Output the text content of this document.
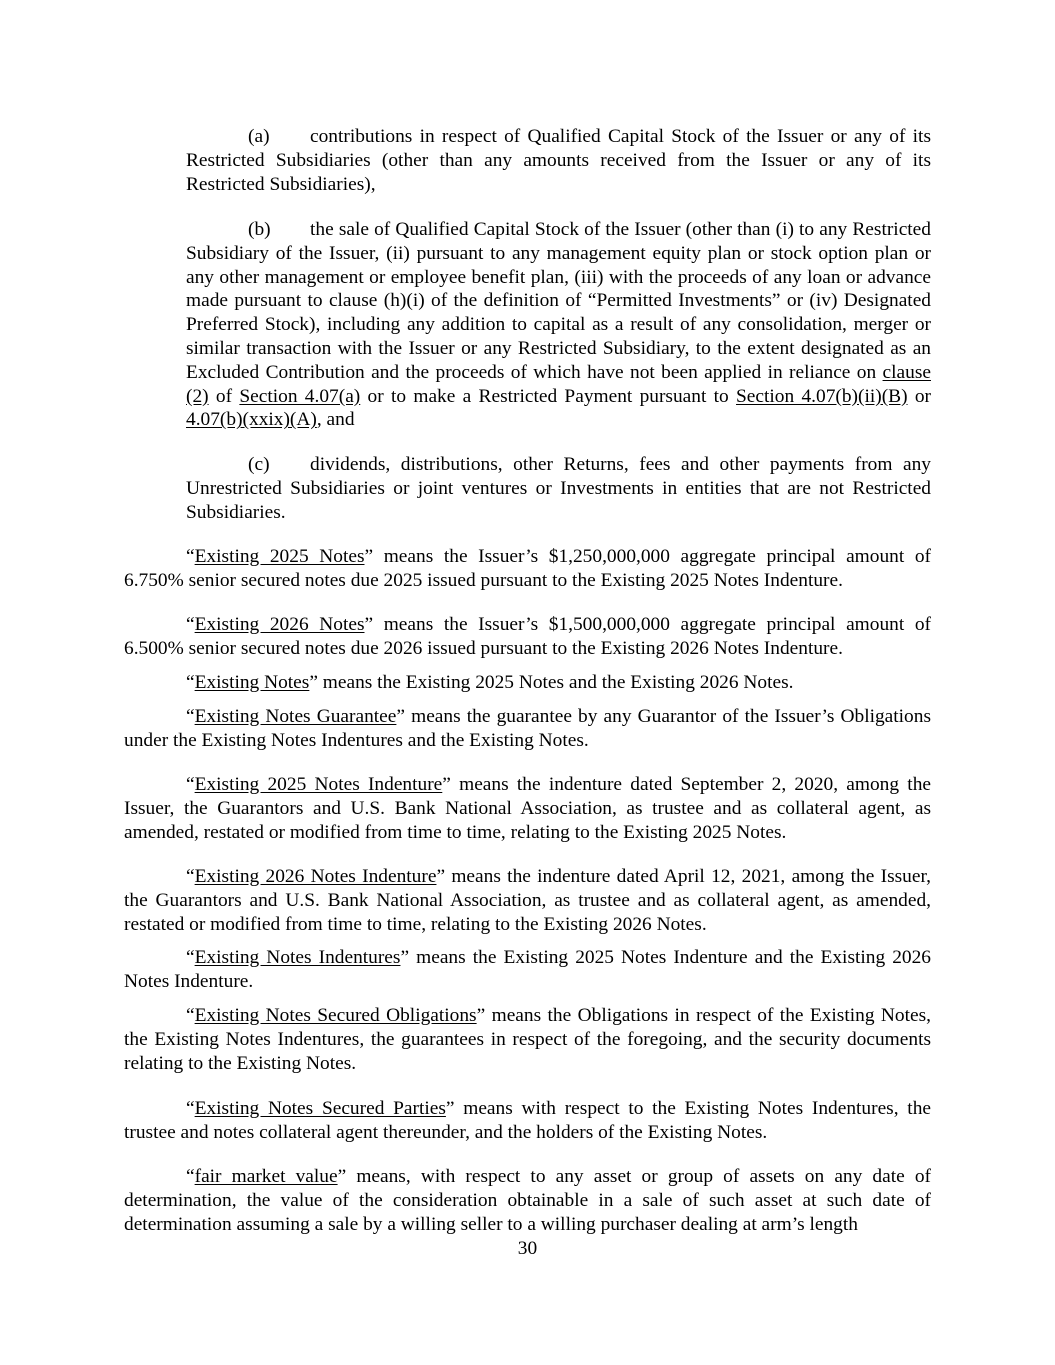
(a) contributions in respect of Qualified Capital Stock of the Issuer or any of its Restricted Subsidiaries (other than any amounts received from the Issuer or any of its Restricted Subsidiaries),

(b) the sale of Qualified Capital Stock of the Issuer (other than (i) to any Restricted Subsidiary of the Issuer, (ii) pursuant to any management equity plan or stock option plan or any other management or employee benefit plan, (iii) with the proceeds of any loan or advance made pursuant to clause (h)(i) of the definition of “Permitted Investments” or (iv) Designated Preferred Stock), including any addition to capital as a result of any consolidation, merger or similar transaction with the Issuer or any Restricted Subsidiary, to the extent designated as an Excluded Contribution and the proceeds of which have not been applied in reliance on clause (2) of Section 4.07(a) or to make a Restricted Payment pursuant to Section 4.07(b)(ii)(B) or 4.07(b)(xxix)(A), and

(c) dividends, distributions, other Returns, fees and other payments from any Unrestricted Subsidiaries or joint ventures or Investments in entities that are not Restricted Subsidiaries.

“Existing 2025 Notes” means the Issuer’s $1,250,000,000 aggregate principal amount of 6.750% senior secured notes due 2025 issued pursuant to the Existing 2025 Notes Indenture.

“Existing 2026 Notes” means the Issuer’s $1,500,000,000 aggregate principal amount of 6.500% senior secured notes due 2026 issued pursuant to the Existing 2026 Notes Indenture.

“Existing Notes” means the Existing 2025 Notes and the Existing 2026 Notes.

“Existing Notes Guarantee” means the guarantee by any Guarantor of the Issuer’s Obligations under the Existing Notes Indentures and the Existing Notes.

“Existing 2025 Notes Indenture” means the indenture dated September 2, 2020, among the Issuer, the Guarantors and U.S. Bank National Association, as trustee and as collateral agent, as amended, restated or modified from time to time, relating to the Existing 2025 Notes.

“Existing 2026 Notes Indenture” means the indenture dated April 12, 2021, among the Issuer, the Guarantors and U.S. Bank National Association, as trustee and as collateral agent, as amended, restated or modified from time to time, relating to the Existing 2026 Notes.

“Existing Notes Indentures” means the Existing 2025 Notes Indenture and the Existing 2026 Notes Indenture.

“Existing Notes Secured Obligations” means the Obligations in respect of the Existing Notes, the Existing Notes Indentures, the guarantees in respect of the foregoing, and the security documents relating to the Existing Notes.

“Existing Notes Secured Parties” means with respect to the Existing Notes Indentures, the trustee and notes collateral agent thereunder, and the holders of the Existing Notes.

“fair market value” means, with respect to any asset or group of assets on any date of determination, the value of the consideration obtainable in a sale of such asset at such date of determination assuming a sale by a willing seller to a willing purchaser dealing at arm’s length

30
